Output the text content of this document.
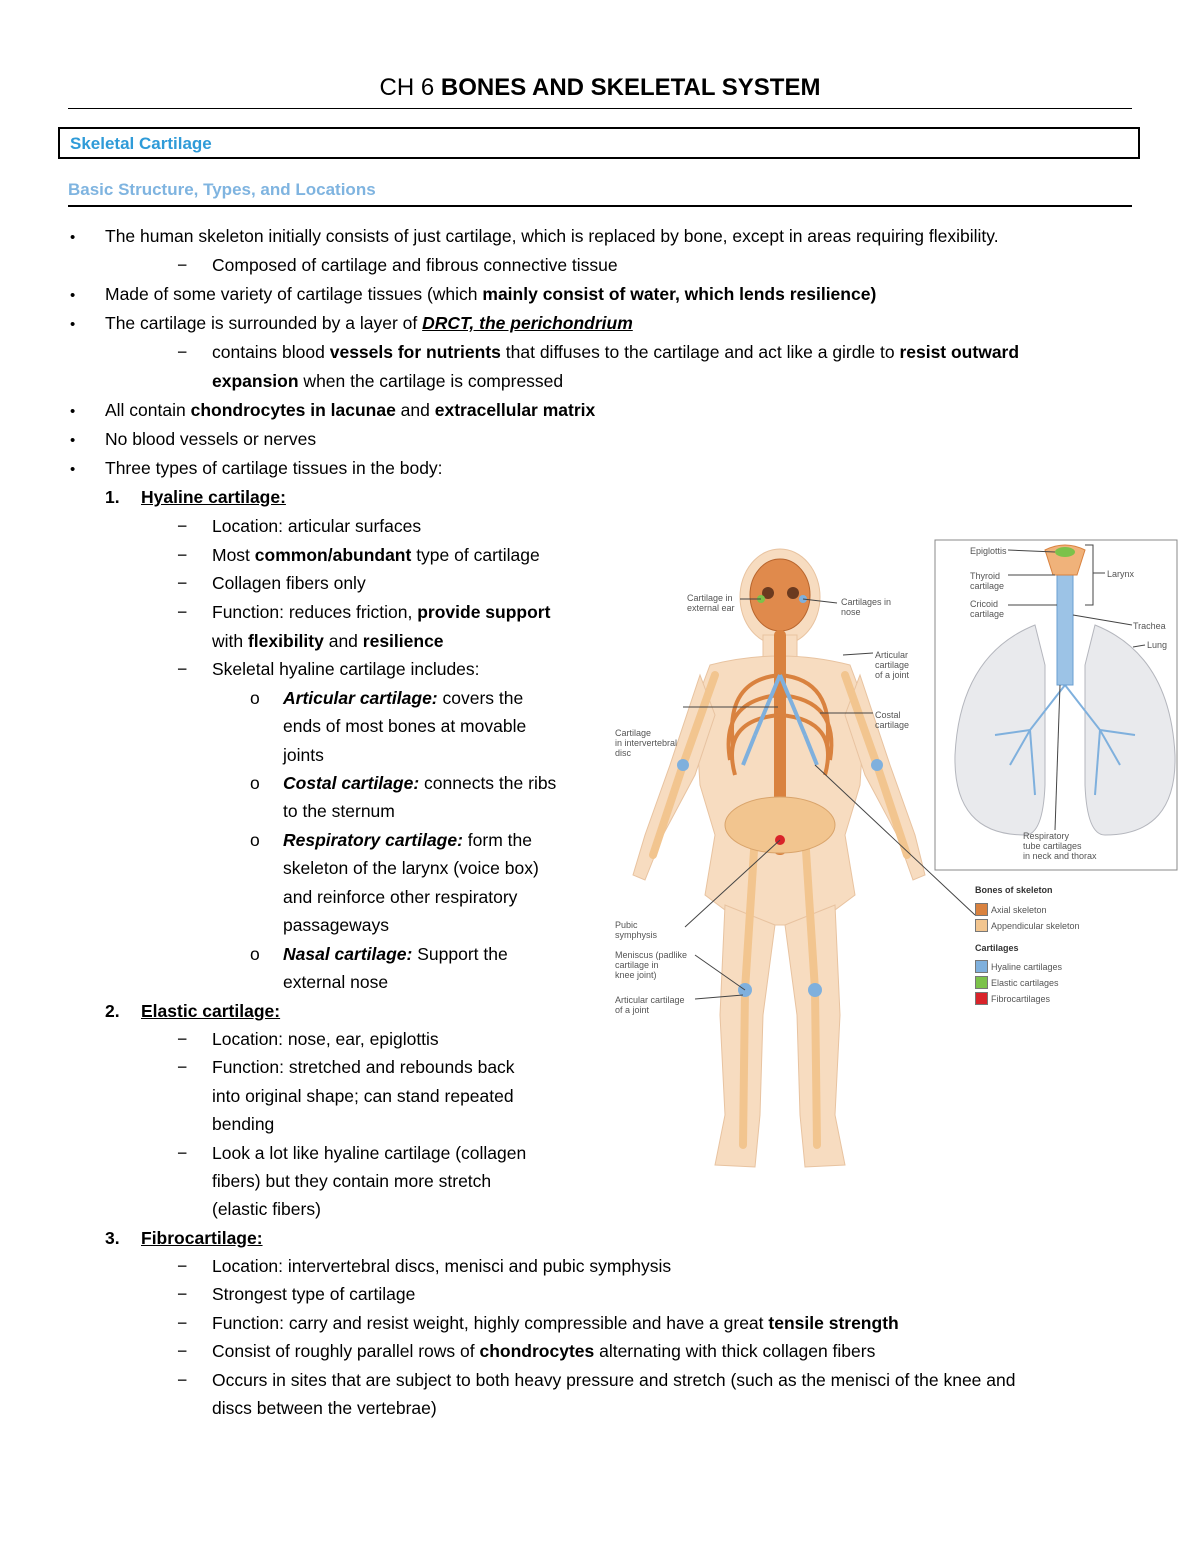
CH 6 BONES AND SKELETAL SYSTEM
Skeletal Cartilage
Basic Structure, Types, and Locations
• The human skeleton initially consists of just cartilage, which is replaced by bone, except in areas requiring flexibility.
− Composed of cartilage and fibrous connective tissue
• Made of some variety of cartilage tissues (which mainly consist of water, which lends resilience)
• The cartilage is surrounded by a layer of DRCT, the perichondrium
− contains blood vessels for nutrients that diffuses to the cartilage and act like a girdle to resist outward
expansion when the cartilage is compressed
• All contain chondrocytes in lacunae and extracellular matrix
• No blood vessels or nerves
• Three types of cartilage tissues in the body:
1. Hyaline cartilage:
− Location: articular surfaces
− Most common/abundant type of cartilage
− Collagen fibers only
− Function: reduces friction, provide support
with flexibility and resilience
− Skeletal hyaline cartilage includes:
o Articular cartilage: covers the
ends of most bones at movable
joints
o Costal cartilage: connects the ribs
to the sternum
o Respiratory cartilage: form the
skeleton of the larynx (voice box)
and reinforce other respiratory
passageways
o Nasal cartilage: Support the
external nose
2. Elastic cartilage:
− Location: nose, ear, epiglottis
− Function: stretched and rebounds back
into original shape; can stand repeated
bending
− Look a lot like hyaline cartilage (collagen
fibers) but they contain more stretch
(elastic fibers)
3. Fibrocartilage:
− Location: intervertebral discs, menisci and pubic symphysis
− Strongest type of cartilage
− Function: carry and resist weight, highly compressible and have a great tensile strength
− Consist of roughly parallel rows of chondrocytes alternating with thick collagen fibers
− Occurs in sites that are subject to both heavy pressure and stretch (such as the menisci of the knee and
discs between the vertebrae)
Cartilage in
external ear
Cartilages in
nose
Articular
cartilage
of a joint
Costal
cartilage
Cartilage
in intervertebral
disc
Pubic
symphysis
Meniscus (padlike
cartilage in
knee joint)
Articular cartilage
of a joint
Epiglottis
Thyroid
cartilage
Cricoid
cartilage
Larynx
Trachea
Lung
Respiratory
tube cartilages
in neck and thorax
Bones of skeleton
Axial skeleton
Appendicular skeleton
Cartilages
Hyaline cartilages
Elastic cartilages
Fibrocartilages
